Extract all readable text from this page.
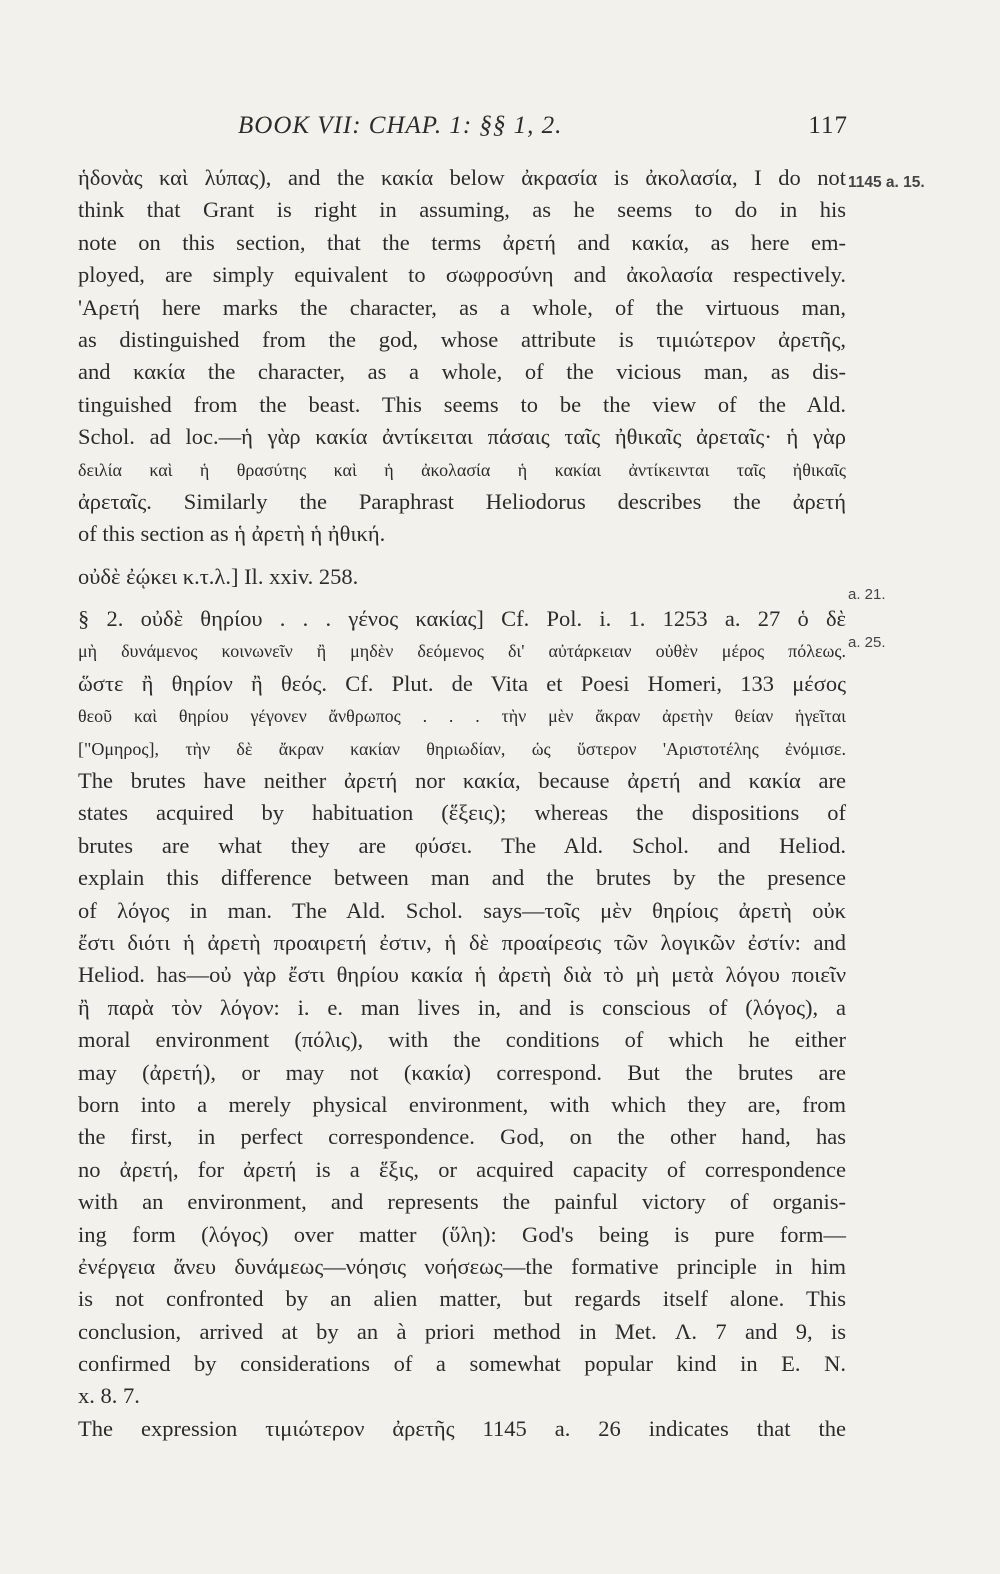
BOOK VII: CHAP. 1: §§ 1, 2.	117
1145 a. 15.
a. 21.
a. 25.
ἡδονὰς καὶ λύπας), and the κακία below ἀκρασία is ἀκολασία, I do not
think that Grant is right in assuming, as he seems to do in his
note on this section, that the terms ἀρετή and κακία, as here em-
ployed, are simply equivalent to σωφροσύνη and ἀκολασία respectively.
'Αρετή here marks the character, as a whole, of the virtuous man,
as distinguished from the god, whose attribute is τιμιώτερον ἀρετῆς,
and κακία the character, as a whole, of the vicious man, as dis-
tinguished from the beast. This seems to be the view of the Ald.
Schol. ad loc.—ἡ γὰρ κακία ἀντίκειται πάσαις ταῖς ἠθικαῖς ἀρεταῖς· ἡ γὰρ
δειλία καὶ ἡ θρασύτης καὶ ἡ ἀκολασία ἡ κακίαι ἀντίκεινται ταῖς ἠθικαῖς
ἀρεταῖς. Similarly the Paraphrast Heliodorus describes the ἀρετή
of this section as ἡ ἀρετὴ ἡ ἠθική.
οὐδὲ ἐῴκει κ.τ.λ.] Il. xxiv. 258.
§ 2. οὐδὲ θηρίου . . . γένος κακίας] Cf. Pol. i. 1. 1253 a. 27 ὁ δὲ
μὴ δυνάμενος κοινωνεῖν ἢ μηδὲν δεόμενος δι' αὐτάρκειαν οὐθὲν μέρος πόλεως.
ὥστε ἢ θηρίον ἢ θεός. Cf. Plut. de Vita et Poesi Homeri, 133 μέσος
θεοῦ καὶ θηρίου γέγονεν ἄνθρωπος . . . τὴν μὲν ἄκραν ἀρετὴν θείαν ἡγεῖται
["Ομηρος], τὴν δὲ ἄκραν κακίαν θηριωδίαν, ὡς ὕστερον 'Αριστοτέλης ἐνόμισε.
The brutes have neither ἀρετή nor κακία, because ἀρετή and κακία are
states acquired by habituation (ἕξεις); whereas the dispositions of
brutes are what they are φύσει. The Ald. Schol. and Heliod.
explain this difference between man and the brutes by the presence
of λόγος in man. The Ald. Schol. says—τοῖς μὲν θηρίοις ἀρετὴ οὐκ
ἔστι διότι ἡ ἀρετὴ προαιρετή ἐστιν, ἡ δὲ προαίρεσις τῶν λογικῶν ἐστίν: and
Heliod. has—οὐ γὰρ ἔστι θηρίου κακία ἡ ἀρετὴ διὰ τὸ μὴ μετὰ λόγου ποιεῖν
ἢ παρὰ τὸν λόγον: i. e. man lives in, and is conscious of (λόγος), a
moral environment (πόλις), with the conditions of which he either
may (ἀρετή), or may not (κακία) correspond. But the brutes are
born into a merely physical environment, with which they are, from
the first, in perfect correspondence. God, on the other hand, has
no ἀρετή, for ἀρετή is a ἕξις, or acquired capacity of correspondence
with an environment, and represents the painful victory of organis-
ing form (λόγος) over matter (ὕλη): God's being is pure form—
ἐνέργεια ἄνευ δυνάμεως—νόησις νοήσεως—the formative principle in him
is not confronted by an alien matter, but regards itself alone. This
conclusion, arrived at by an à priori method in Met. Λ. 7 and 9, is
confirmed by considerations of a somewhat popular kind in E. N.
x. 8. 7.
The expression τιμιώτερον ἀρετῆς 1145 a. 26 indicates that the
